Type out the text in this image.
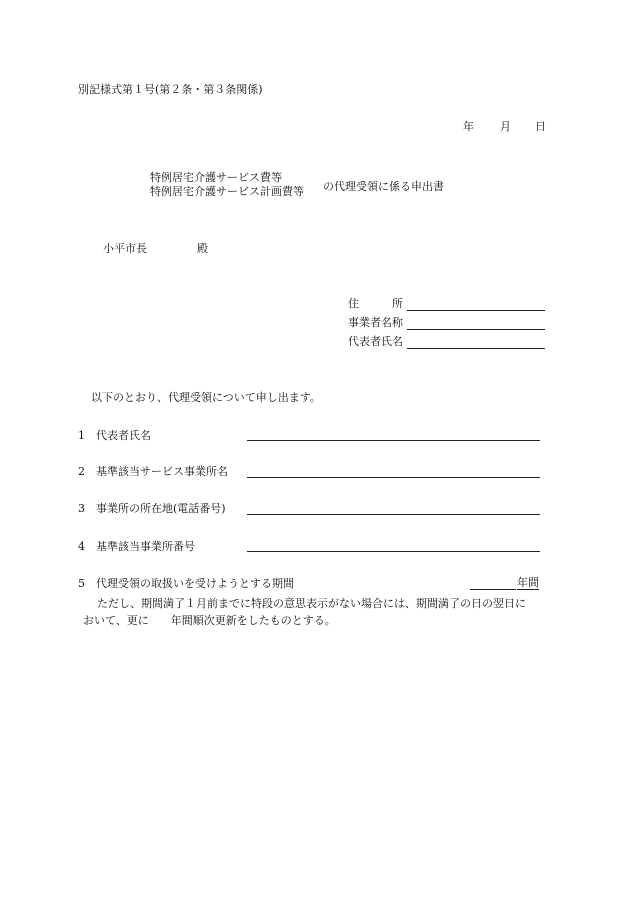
別記様式第１号(第２条・第３条関係)
年 月 日
特例居宅介護サービス費等
特例居宅介護サービス計画費等 の代理受領に係る申出書
小平市長	殿
住　　　所
事業者名称
代表者氏名
以下のとおり、代理受領について申し出ます。
1　代表者氏名
2　基準該当サービス事業所名
3　事業所の所在地(電話番号)
4　基準該当事業所番号
5　代理受領の取扱いを受けようとする期間	年間
ただし、期間満了１月前までに特段の意思表示がない場合には、期間満了の日の翌日に
おいて、更に　　年間順次更新をしたものとする。
